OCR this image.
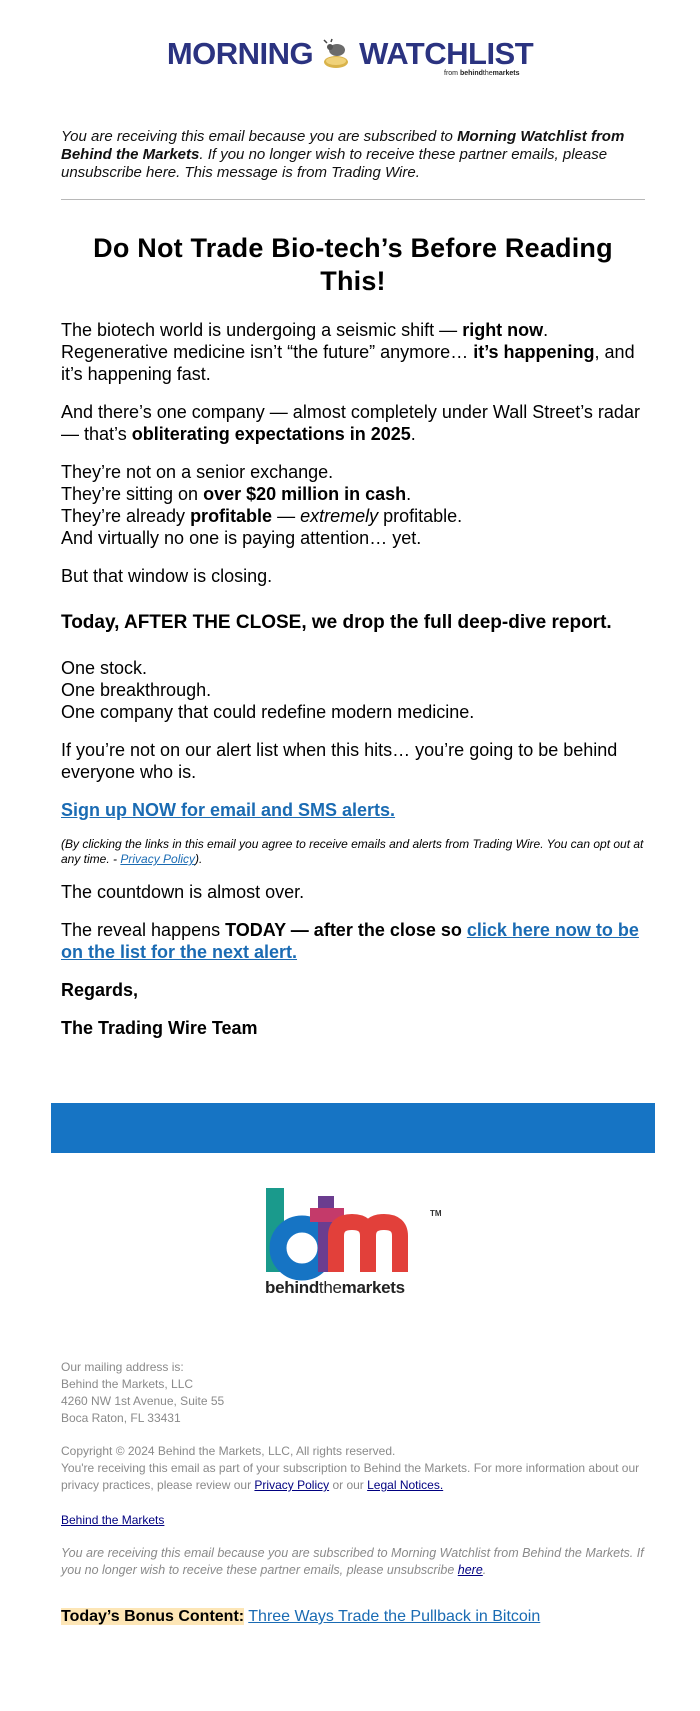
MORNING WATCHLIST
from behindthemarkets
You are receiving this email because you are subscribed to Morning Watchlist from Behind the Markets. If you no longer wish to receive these partner emails, please unsubscribe here. This message is from Trading Wire.
Do Not Trade Bio-tech’s Before Reading This!

The biotech world is undergoing a seismic shift — right now. Regenerative medicine isn’t “the future” anymore… it’s happening, and it’s happening fast.

And there’s one company — almost completely under Wall Street’s radar — that’s obliterating expectations in 2025.

They’re not on a senior exchange.
They’re sitting on over $20 million in cash.
They’re already profitable — extremely profitable.
And virtually no one is paying attention… yet.

But that window is closing.

Today, AFTER THE CLOSE, we drop the full deep-dive report.

One stock.
One breakthrough.
One company that could redefine modern medicine.

If you’re not on our alert list when this hits… you’re going to be behind everyone who is.

Sign up NOW for email and SMS alerts.

(By clicking the links in this email you agree to receive emails and alerts from Trading Wire. You can opt out at any time. - Privacy Policy).

The countdown is almost over.

The reveal happens TODAY — after the close so click here now to be on the list for the next alert.

Regards,

The Trading Wire Team

TM
behindthemarkets
Our mailing address is:
Behind the Markets, LLC
4260 NW 1st Avenue, Suite 55
Boca Raton, FL 33431
Copyright © 2024 Behind the Markets, LLC, All rights reserved.
You're receiving this email as part of your subscription to Behind the Markets. For more information about our privacy practices, please review our Privacy Policy or our Legal Notices.
Behind the Markets
You are receiving this email because you are subscribed to Morning Watchlist from Behind the Markets. If you no longer wish to receive these partner emails, please unsubscribe here.
Today’s Bonus Content: Three Ways Trade the Pullback in Bitcoin
